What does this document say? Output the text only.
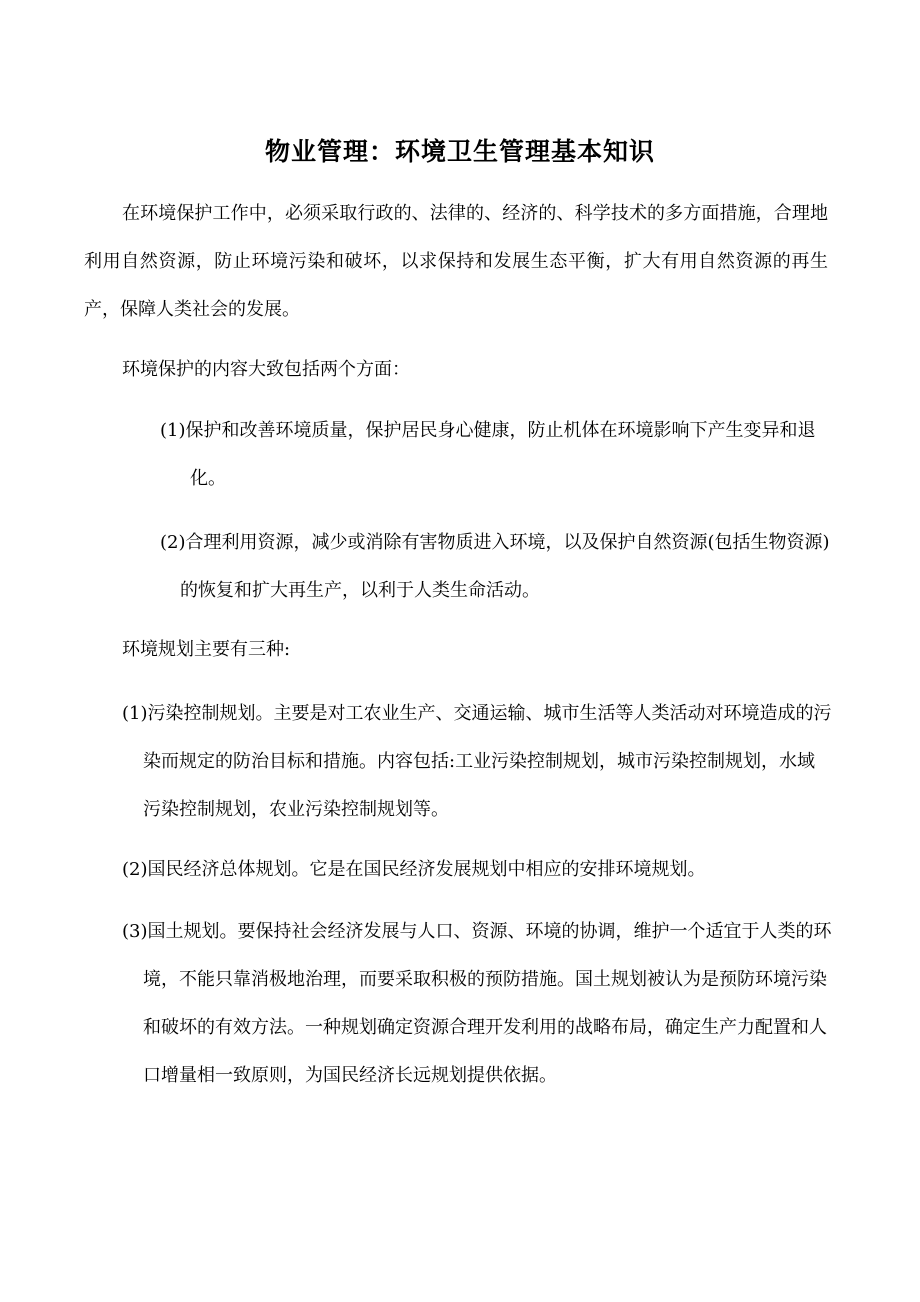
物业管理：环境卫生管理基本知识

在环境保护工作中，必须采取行政的、法律的、经济的、科学技术的多方面措施，合理地利用自然资源，防止环境污染和破坏，以求保持和发展生态平衡，扩大有用自然资源的再生产，保障人类社会的发展。

环境保护的内容大致包括两个方面：

(1)保护和改善环境质量，保护居民身心健康，防止机体在环境影响下产生变异和退化。

(2)合理利用资源，减少或消除有害物质进入环境，以及保护自然资源(包括生物资源)的恢复和扩大再生产，以利于人类生命活动。

环境规划主要有三种:

(1)污染控制规划。主要是对工农业生产、交通运输、城市生活等人类活动对环境造成的污染而规定的防治目标和措施。内容包括:工业污染控制规划，城市污染控制规划，水域污染控制规划，农业污染控制规划等。

(2)国民经济总体规划。它是在国民经济发展规划中相应的安排环境规划。

(3)国土规划。要保持社会经济发展与人口、资源、环境的协调，维护一个适宜于人类的环境，不能只靠消极地治理，而要采取积极的预防措施。国土规划被认为是预防环境污染和破坏的有效方法。一种规划确定资源合理开发利用的战略布局，确定生产力配置和人口增量相一致原则，为国民经济长远规划提供依据。
